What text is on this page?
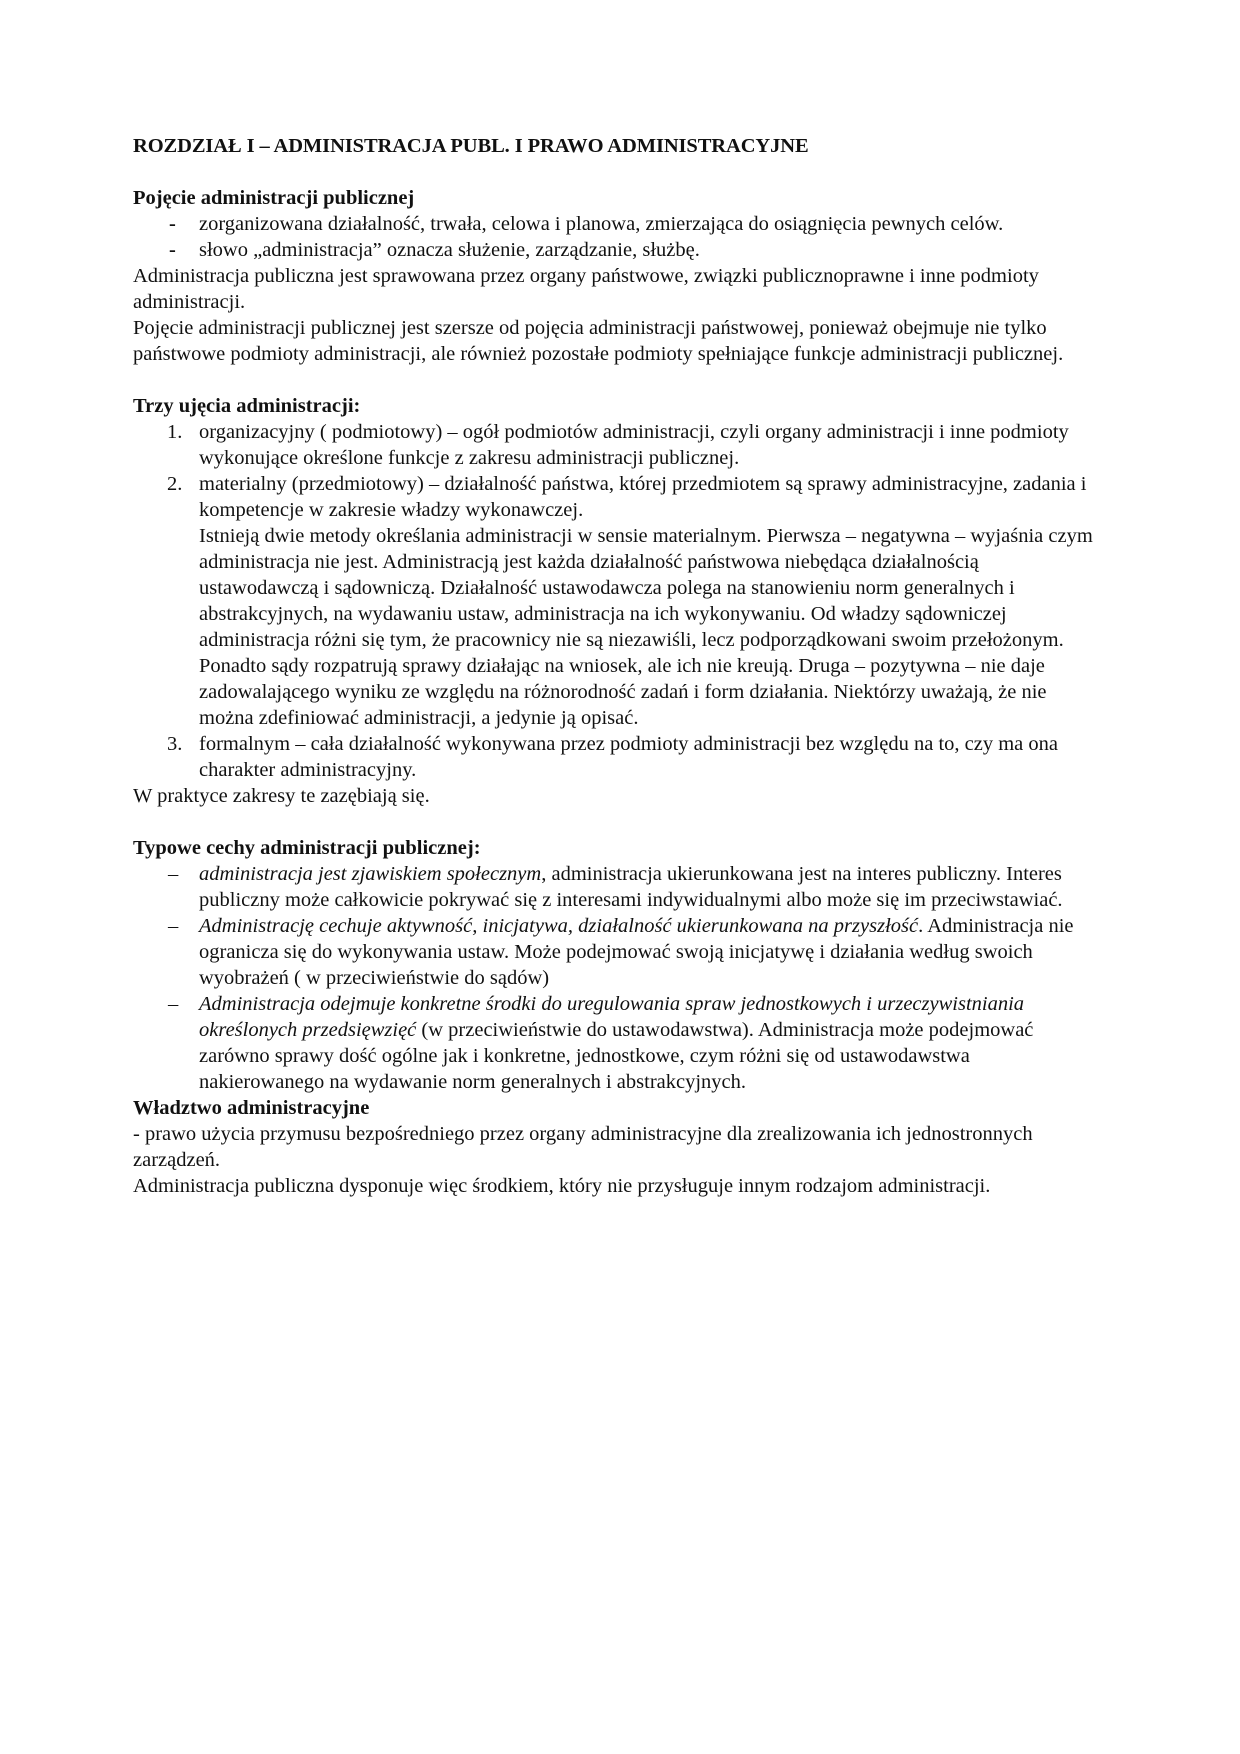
ROZDZIAŁ I – ADMINISTRACJA PUBL. I PRAWO ADMINISTRACYJNE

Pojęcie administracji publicznej

- zorganizowana działalność, trwała, celowa i planowa, zmierzająca do osiągnięcia pewnych celów.
- słowo „administracja” oznacza służenie, zarządzanie, służbę.

Administracja publiczna jest sprawowana przez organy państwowe, związki publicznoprawne i inne podmioty administracji.

Pojęcie administracji publicznej jest szersze od pojęcia administracji państwowej, ponieważ obejmuje nie tylko państwowe podmioty administracji, ale również pozostałe podmioty spełniające funkcje administracji publicznej.

Trzy ujęcia administracji:

1. organizacyjny ( podmiotowy) – ogół podmiotów administracji, czyli organy administracji i inne podmioty wykonujące określone funkcje z zakresu administracji publicznej.
2. materialny (przedmiotowy) – działalność państwa, której przedmiotem są sprawy administracyjne, zadania i kompetencje w zakresie władzy wykonawczej.
Istnieją dwie metody określania administracji w sensie materialnym. Pierwsza – negatywna – wyjaśnia czym administracja nie jest. Administracją jest każda działalność państwowa niebędąca działalnością ustawodawczą i sądowniczą. Działalność ustawodawcza polega na stanowieniu norm generalnych i abstrakcyjnych, na wydawaniu ustaw, administracja na ich wykonywaniu. Od władzy sądowniczej administracja różni się tym, że pracownicy nie są niezawiśli, lecz podporządkowani swoim przełożonym. Ponadto sądy rozpatrują sprawy działając na wniosek, ale ich nie kreują. Druga – pozytywna – nie daje zadowalającego wyniku ze względu na różnorodność zadań i form działania. Niektórzy uważają, że nie można zdefiniować administracji, a jedynie ją opisać.
3. formalnym – cała działalność wykonywana przez podmioty administracji bez względu na to, czy ma ona charakter administracyjny.

W praktyce zakresy te zazębiają się.

Typowe cechy administracji publicznej:

– administracja jest zjawiskiem społecznym, administracja ukierunkowana jest na interes publiczny. Interes publiczny może całkowicie pokrywać się z interesami indywidualnymi albo może się im przeciwstawiać.
– Administrację cechuje aktywność, inicjatywa, działalność ukierunkowana na przyszłość. Administracja nie ogranicza się do wykonywania ustaw. Może podejmować swoją inicjatywę i działania według swoich wyobrażeń ( w przeciwieństwie do sądów)
– Administracja odejmuje konkretne środki do uregulowania spraw jednostkowych i urzeczywistniania określonych przedsięwzięć (w przeciwieństwie do ustawodawstwa). Administracja może podejmować zarówno sprawy dość ogólne jak i konkretne, jednostkowe, czym różni się od ustawodawstwa nakierowanego na wydawanie norm generalnych i abstrakcyjnych.

Władztwo administracyjne

- prawo użycia przymusu bezpośredniego przez organy administracyjne dla zrealizowania ich jednostronnych zarządzeń.

Administracja publiczna dysponuje więc środkiem, który nie przysługuje innym rodzajom administracji.
